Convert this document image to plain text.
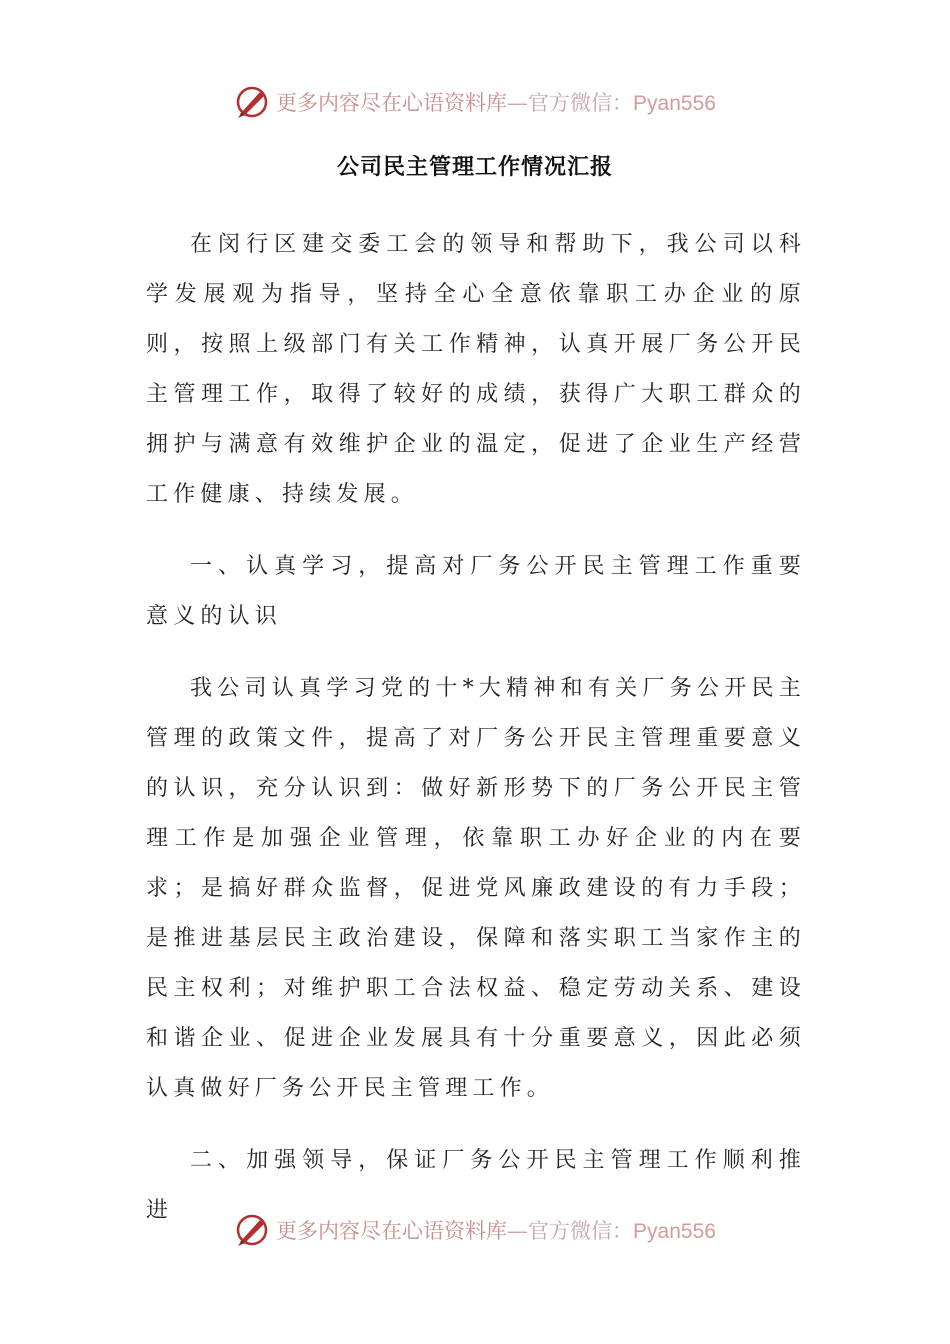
更多内容尽在心语资料库—官方微信：Pyan556
公司民主管理工作情况汇报

在闵行区建交委工会的领导和帮助下，我公司以科学发展观为指导，坚持全心全意依靠职工办企业的原则，按照上级部门有关工作精神，认真开展厂务公开民主管理工作，取得了较好的成绩，获得广大职工群众的拥护与满意有效维护企业的温定，促进了企业生产经营工作健康、持续发展。

一、认真学习，提高对厂务公开民主管理工作重要意义的认识

我公司认真学习党的十*大精神和有关厂务公开民主管理的政策文件，提高了对厂务公开民主管理重要意义的认识，充分认识到：做好新形势下的厂务公开民主管理工作是加强企业管理，依靠职工办好企业的内在要求；是搞好群众监督，促进党风廉政建设的有力手段；是推进基层民主政治建设，保障和落实职工当家作主的民主权利；对维护职工合法权益、稳定劳动关系、建设和谐企业、促进企业发展具有十分重要意义，因此必须认真做好厂务公开民主管理工作。

二、加强领导，保证厂务公开民主管理工作顺利推进

更多内容尽在心语资料库—官方微信：Pyan556
